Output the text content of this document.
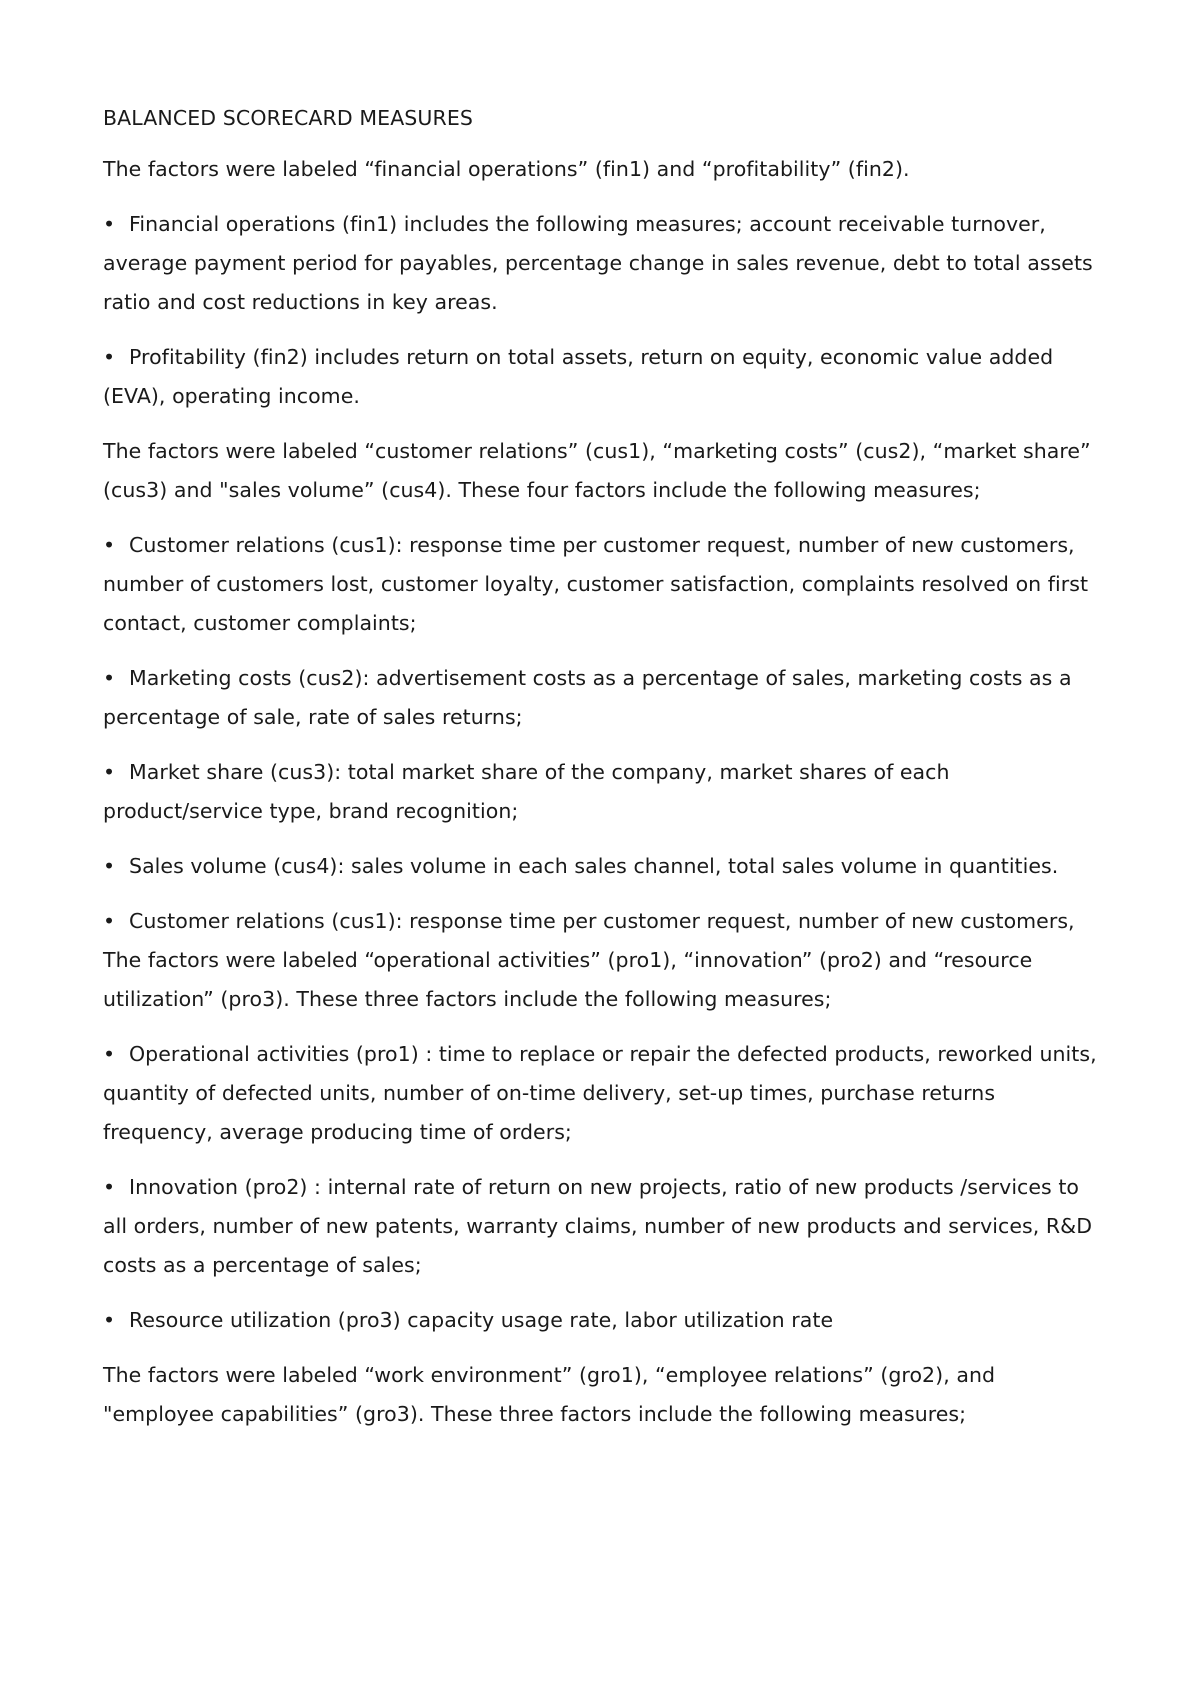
BALANCED SCORECARD MEASURES

The factors were labeled “financial operations” (fin1) and “profitability” (fin2).

• Financial operations (fin1) includes the following measures; account receivable turnover, average payment period for payables, percentage change in sales revenue, debt to total assets ratio and cost reductions in key areas.

• Profitability (fin2) includes return on total assets, return on equity, economic value added (EVA), operating income.

The factors were labeled “customer relations” (cus1), “marketing costs” (cus2), “market share” (cus3) and "sales volume” (cus4). These four factors include the following measures;

• Customer relations (cus1): response time per customer request, number of new customers, number of customers lost, customer loyalty, customer satisfaction, complaints resolved on first contact, customer complaints;

• Marketing costs (cus2): advertisement costs as a percentage of sales, marketing costs as a percentage of sale, rate of sales returns;

• Market share (cus3): total market share of the company, market shares of each product/service type, brand recognition;

• Sales volume (cus4): sales volume in each sales channel, total sales volume in quantities.

• Customer relations (cus1): response time per customer request, number of new customers,

The factors were labeled “operational activities” (pro1), “innovation” (pro2) and “resource utilization” (pro3). These three factors include the following measures;

• Operational activities (pro1) : time to replace or repair the defected products, reworked units, quantity of defected units, number of on-time delivery, set-up times, purchase returns frequency, average producing time of orders;

• Innovation (pro2) : internal rate of return on new projects, ratio of new products /services to all orders, number of new patents, warranty claims, number of new products and services, R&D costs as a percentage of sales;

• Resource utilization (pro3) capacity usage rate, labor utilization rate

The factors were labeled “work environment” (gro1), “employee relations” (gro2), and "employee capabilities” (gro3). These three factors include the following measures;
